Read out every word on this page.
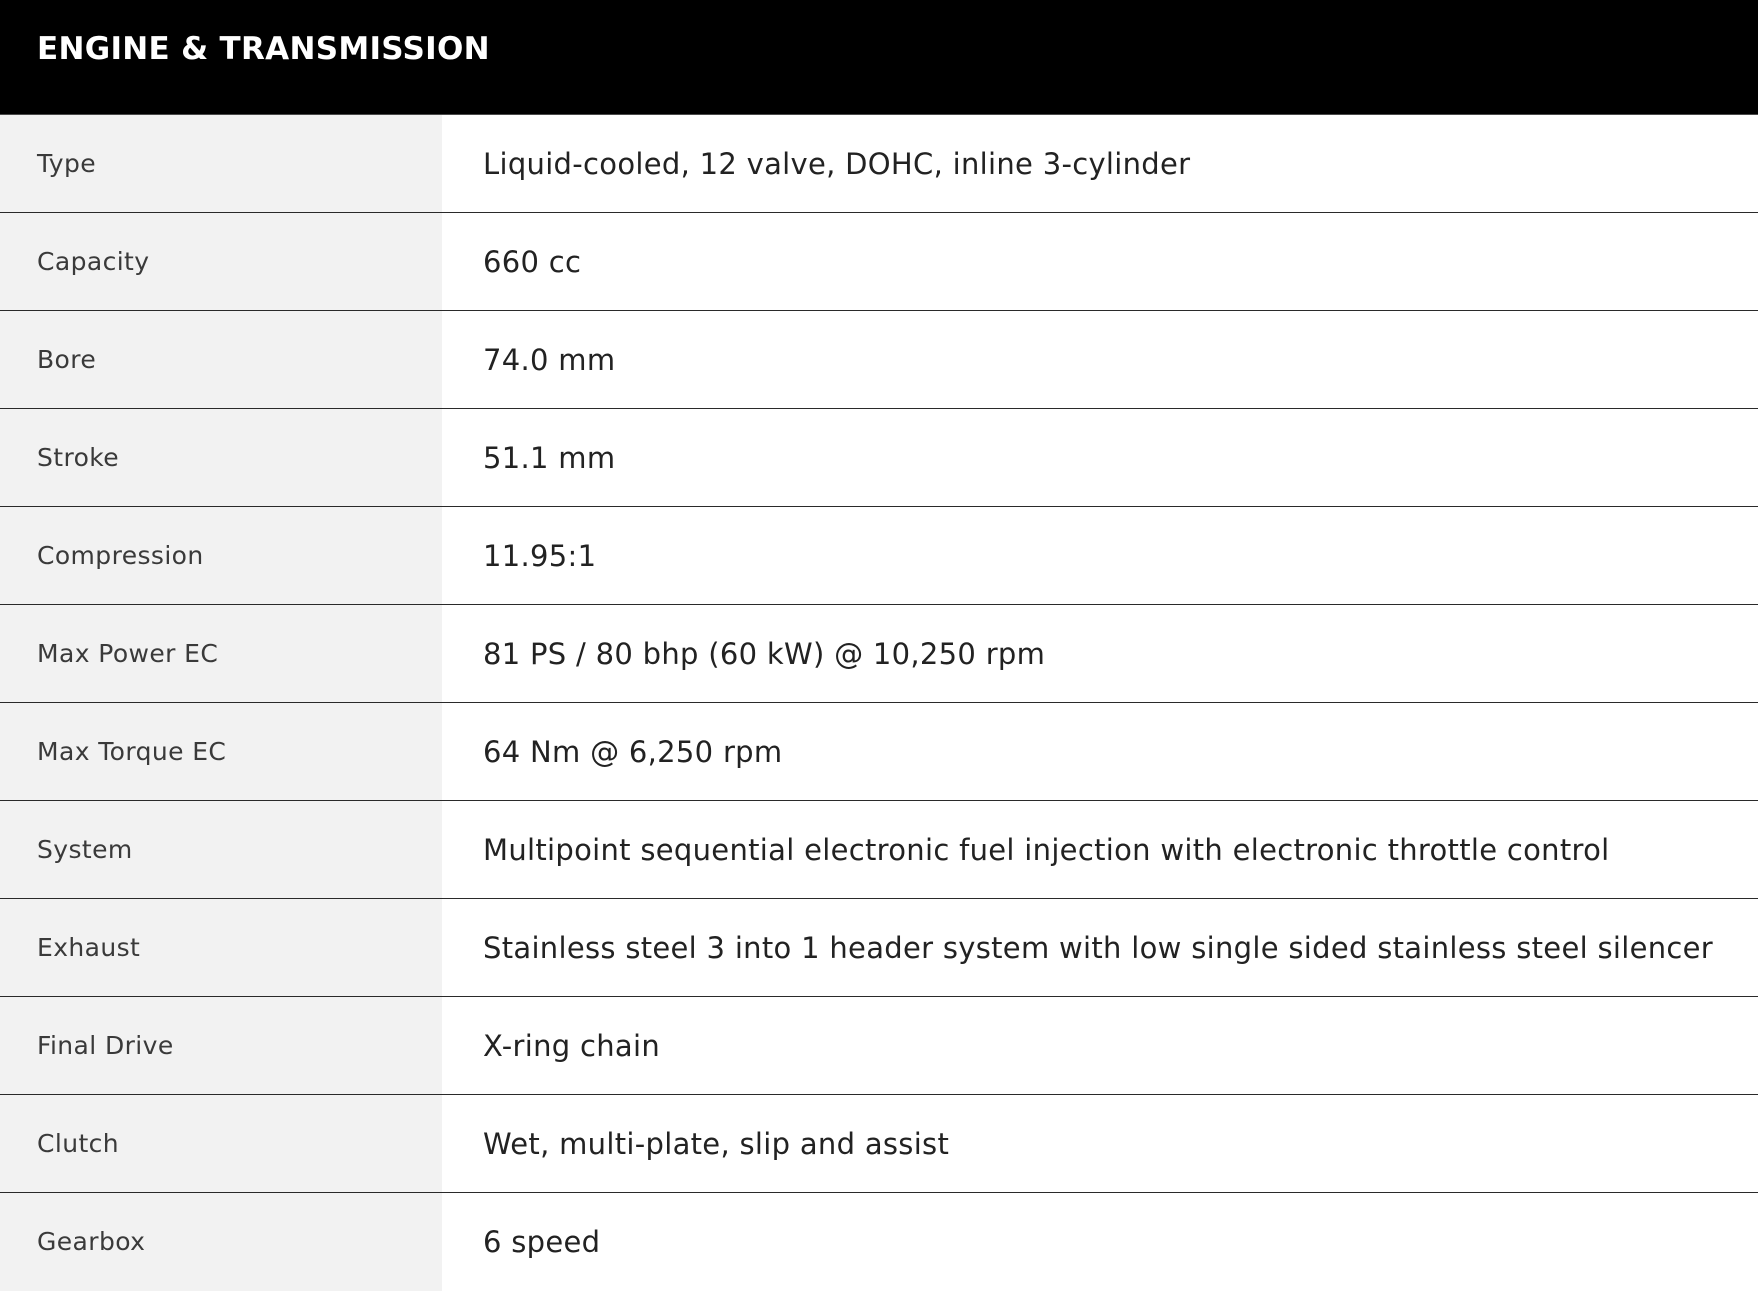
ENGINE & TRANSMISSION
Type	Liquid-cooled, 12 valve, DOHC, inline 3-cylinder
Capacity	660 cc
Bore	74.0 mm
Stroke	51.1 mm
Compression	11.95:1
Max Power EC	81 PS / 80 bhp (60 kW) @ 10,250 rpm
Max Torque EC	64 Nm @ 6,250 rpm
System	Multipoint sequential electronic fuel injection with electronic throttle control
Exhaust	Stainless steel 3 into 1 header system with low single sided stainless steel silencer
Final Drive	X-ring chain
Clutch	Wet, multi-plate, slip and assist
Gearbox	6 speed
